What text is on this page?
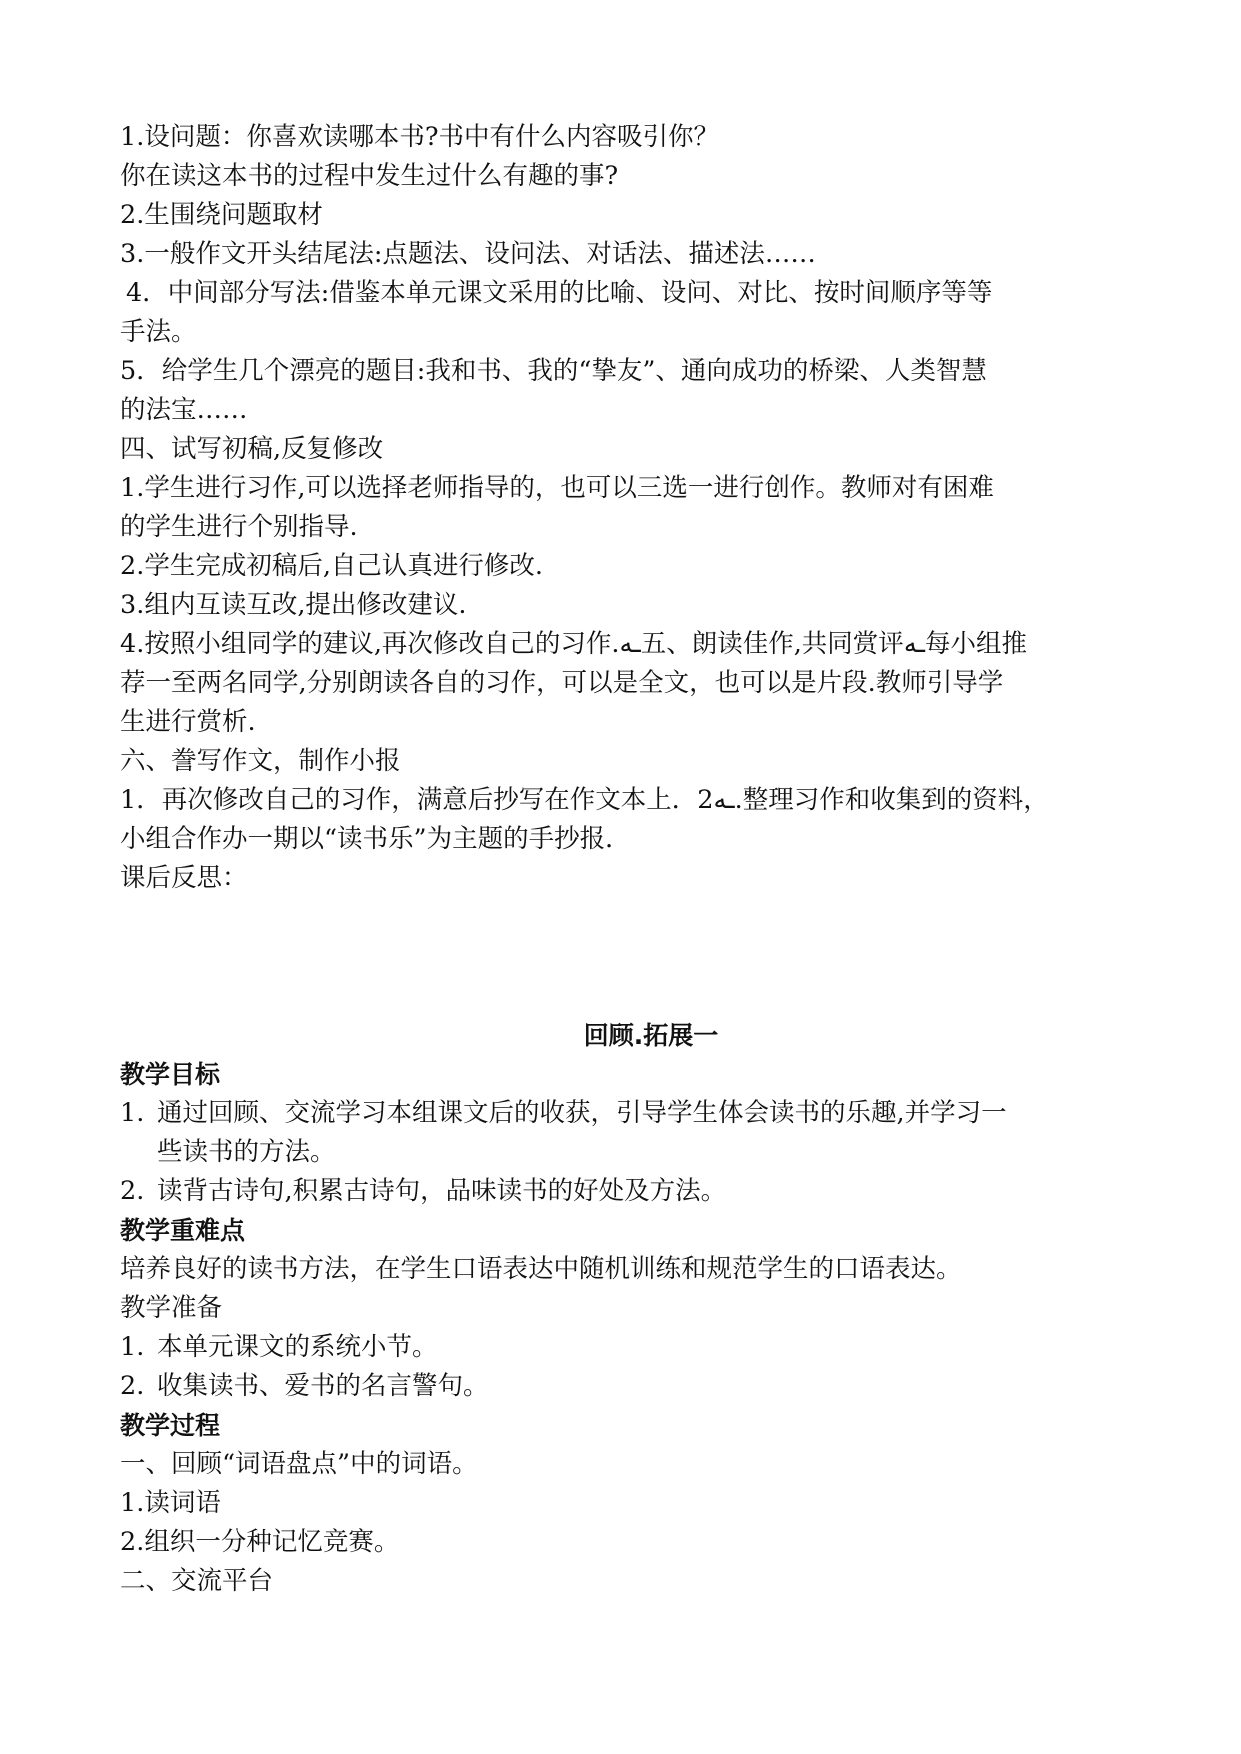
1.设问题：你喜欢读哪本书?书中有什么内容吸引你？
你在读这本书的过程中发生过什么有趣的事?
2.生围绕问题取材
3.一般作文开头结尾法:点题法、设问法、对话法、描述法……
4．中间部分写法:借鉴本单元课文采用的比喻、设问、对比、按时间顺序等等
手法。
5．给学生几个漂亮的题目:我和书、我的“挚友”、通向成功的桥梁、人类智慧
的法宝……
四、试写初稿,反复修改
1.学生进行习作,可以选择老师指导的，也可以三选一进行创作。教师对有困难
的学生进行个别指导.
2.学生完成初稿后,自己认真进行修改.
3.组内互读互改,提出修改建议.
4.按照小组同学的建议,再次修改自己的习作.ـه五、朗读佳作,共同赏评ـه每小组推
荐一至两名同学,分别朗读各自的习作，可以是全文，也可以是片段.教师引导学
生进行赏析.
六、誊写作文，制作小报
1．再次修改自己的习作，满意后抄写在作文本上．2ـه.整理习作和收集到的资料，
小组合作办一期以“读书乐”为主题的手抄报．
课后反思：
回顾.拓展一
教学目标
1. 通过回顾、交流学习本组课文后的收获，引导学生体会读书的乐趣,并学习一
些读书的方法。
2. 读背古诗句,积累古诗句，品味读书的好处及方法。
教学重难点
培养良好的读书方法，在学生口语表达中随机训练和规范学生的口语表达。
教学准备
1. 本单元课文的系统小节。
2. 收集读书、爱书的名言警句。
教学过程
一、回顾“词语盘点”中的词语。
1.读词语
2.组织一分种记忆竞赛。
二、交流平台
